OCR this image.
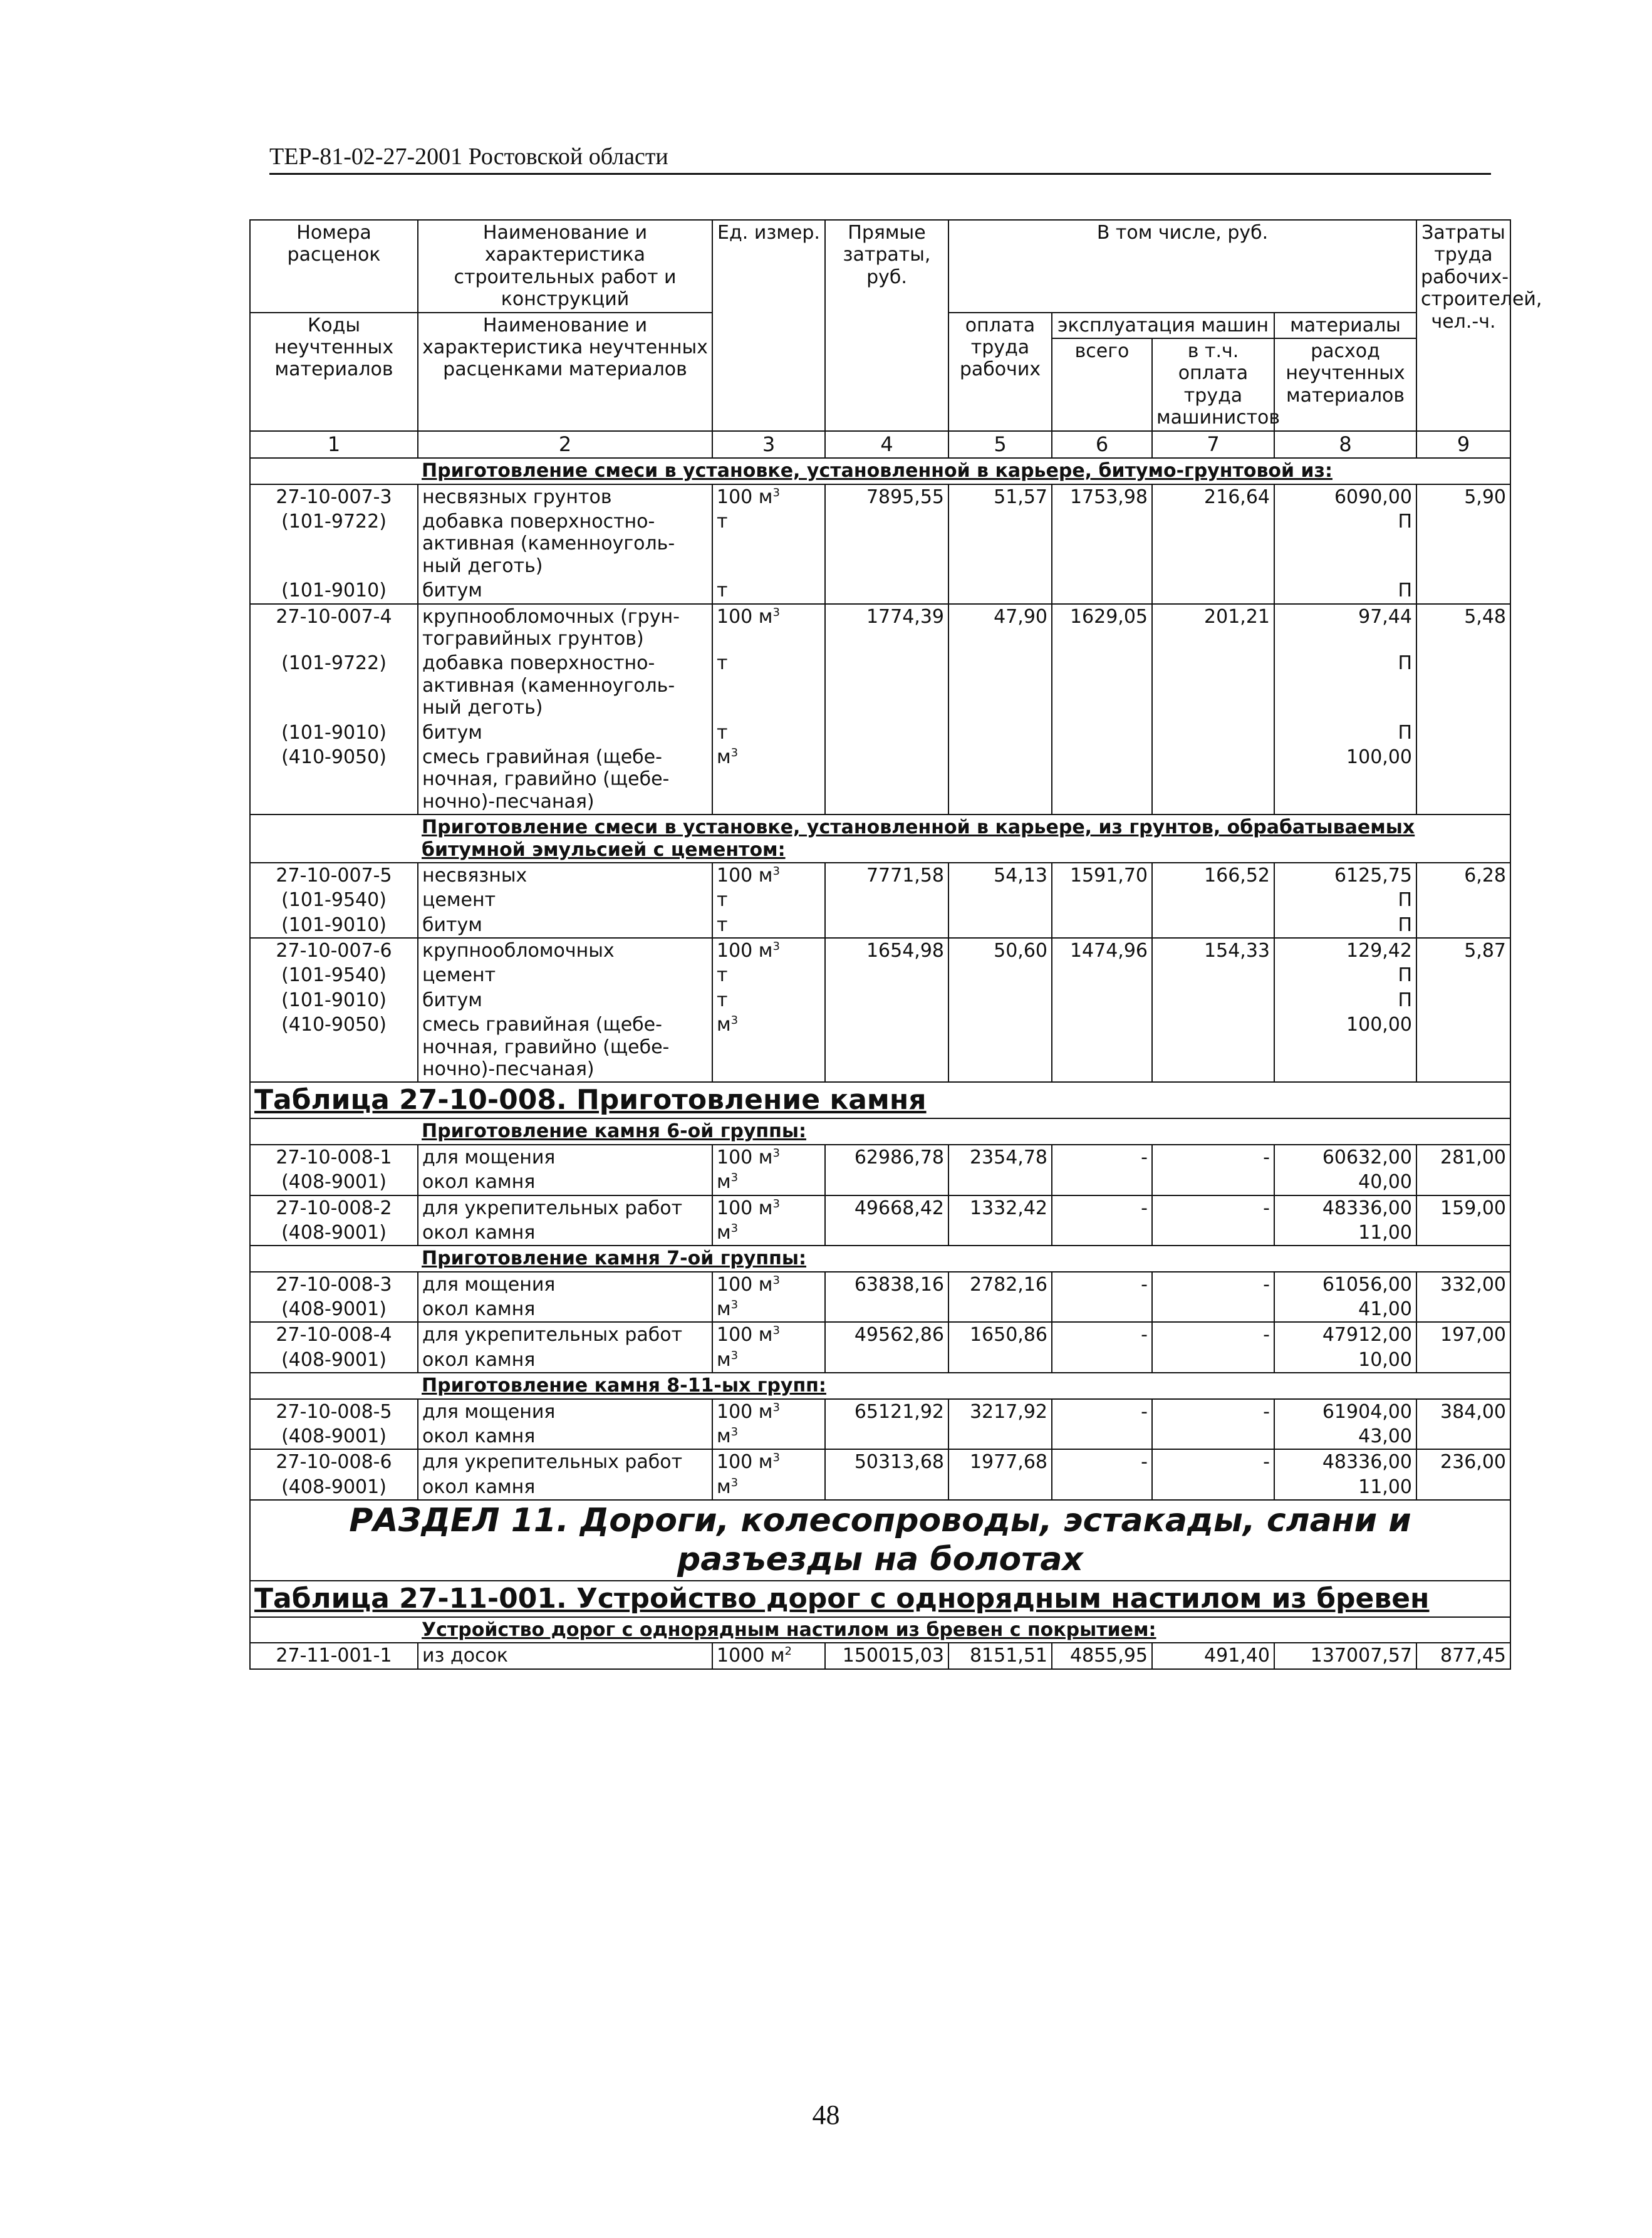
ТЕР-81-02-27-2001 Ростовской области
Номера расценок	Наименование и характеристика строительных работ и конструкций	Ед. измер.	Прямые затраты, руб.	В том числе, руб.				Затраты труда рабочих-строителей, чел.-ч.
Коды неучтенных материалов	Наименование и характеристика неучтенных расценками материалов			оплата труда рабочих	эксплуатация машин		материалы	
					всего	в т.ч. оплата труда машинистов	расход неучтенных материалов	
1	2	3	4	5	6	7	8	9
	Приготовление смеси в установке, установленной в карьере, битумо-грунтовой из:							
27-10-007-3	несвязных грунтов	100 $м^3$	7895,55	51,57	1753,98	216,64	6090,00	5,90
(101-9722)	добавка поверхностно-активная (каменноуголь-ный деготь)	т					П	
(101-9010)	битум	т					П	
27-10-007-4	крупнообломочных (грун-тогравийных грунтов)	100 $м^3$	1774,39	47,90	1629,05	201,21	97,44	5,48
(101-9722)	добавка поверхностно-активная (каменноуголь-ный деготь)	т					П	
(101-9010)	битум	т					П	
(410-9050)	смесь гравийная (щебе-ночная, гравийно (щебе-ночно)-песчаная)	$м^3$					100,00	
	Приготовление смеси в установке, установленной в карьере, из грунтов, обрабатываемых битумной эмульсией с цементом:							
27-10-007-5	несвязных	100 $м^3$	7771,58	54,13	1591,70	166,52	6125,75	6,28
(101-9540)	цемент	т					П	
(101-9010)	битум	т					П	
27-10-007-6	крупнообломочных	100 $м^3$	1654,98	50,60	1474,96	154,33	129,42	5,87
(101-9540)	цемент	т					П	
(101-9010)	битум	т					П	
(410-9050)	смесь гравийная (щебе-ночная, гравийно (щебе-ночно)-песчаная)	$м^3$					100,00	
Таблица 27-10-008. Приготовление камня								
	Приготовление камня 6-ой группы:							
27-10-008-1	для мощения	100 $м^3$	62986,78	2354,78	-	-	60632,00	281,00
(408-9001)	окол камня	$м^3$					40,00	
27-10-008-2	для укрепительных работ	100 $м^3$	49668,42	1332,42	-	-	48336,00	159,00
(408-9001)	окол камня	$м^3$					11,00	
	Приготовление камня 7-ой группы:							
27-10-008-3	для мощения	100 $м^3$	63838,16	2782,16	-	-	61056,00	332,00
(408-9001)	окол камня	$м^3$					41,00	
27-10-008-4	для укрепительных работ	100 $м^3$	49562,86	1650,86	-	-	47912,00	197,00
(408-9001)	окол камня	$м^3$					10,00	
	Приготовление камня 8-11-ых групп:							
27-10-008-5	для мощения	100 $м^3$	65121,92	3217,92	-	-	61904,00	384,00
(408-9001)	окол камня	$м^3$					43,00	
27-10-008-6	для укрепительных работ	100 $м^3$	50313,68	1977,68	-	-	48336,00	236,00
(408-9001)	окол камня	$м^3$					11,00	
РАЗДЕЛ 11. Дороги, колесопроводы, эстакады, слани и разъезды на болотах								
Таблица 27-11-001. Устройство дорог с однорядным настилом из бревен								
	Устройство дорог с однорядным настилом из бревен с покрытием:							
27-11-001-1	из досок	1000 $м^2$	150015,03	8151,51	4855,95	491,40	137007,57	877,45
48
